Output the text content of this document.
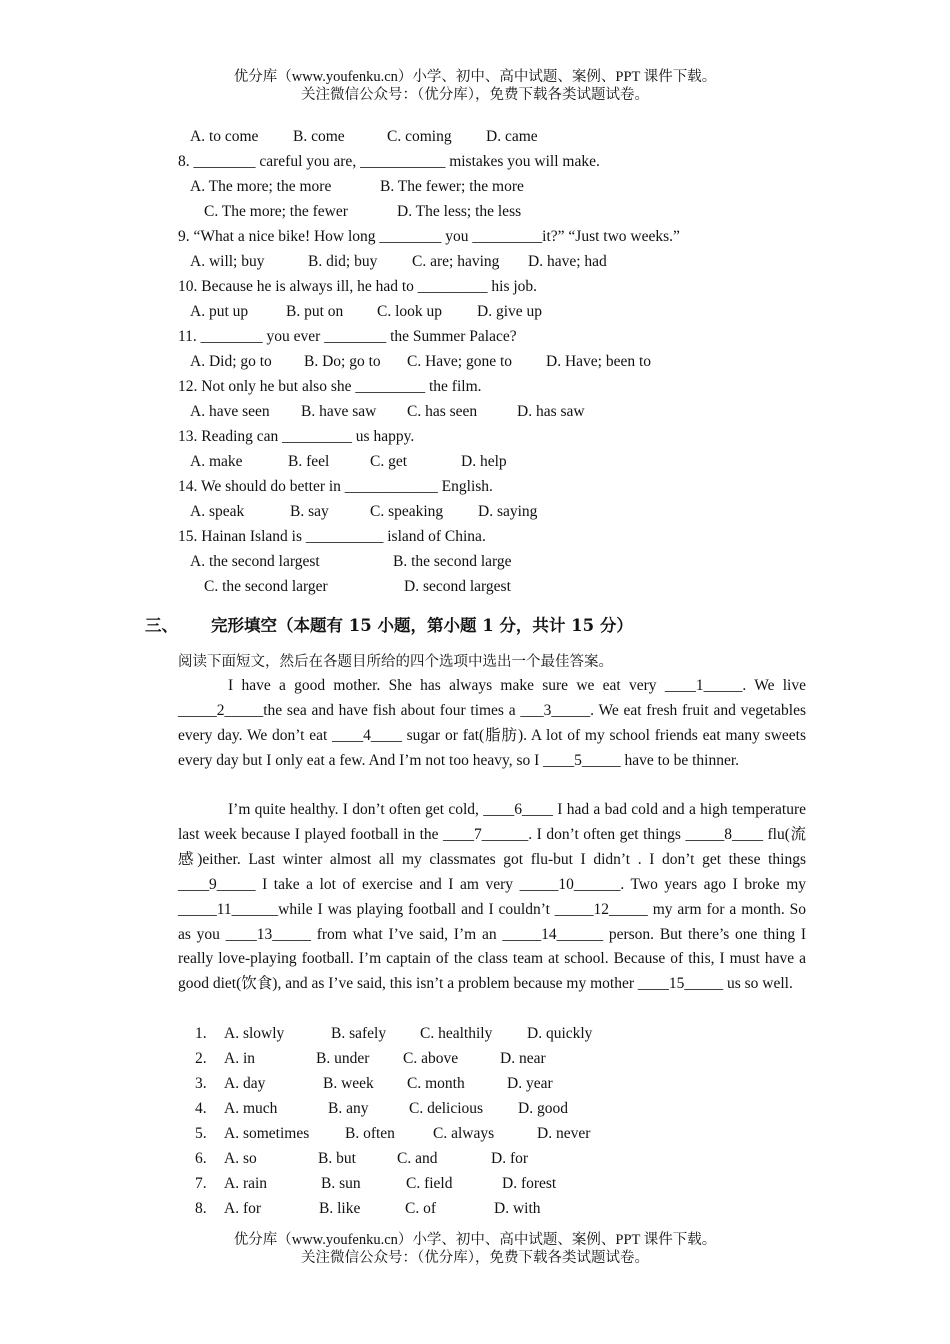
优分库（www.youfenku.cn）小学、初中、高中试题、案例、PPT 课件下载。
关注微信公众号：（优分库），免费下载各类试题试卷。
A. to come B. come	C. coming D. came
8. ________ careful you are, ___________ mistakes you will make.
A. The more; the more	B. The fewer; the more
C. The more; the fewer	D. The less; the less
9. “What a nice bike! How long ________ you _________it?” “Just two weeks.”
A. will; buy	B. did; buy C. are; having D. have; had
10. Because he is always ill, he had to _________ his job.
A. put up B. put on C. look up D. give up
11. ________ you ever ________ the Summer Palace?
A. Did; go to B. Do; go to C. Have; gone to D. Have; been to
12. Not only he but also she _________ the film.
A. have seen B. have saw C. has seen	D. has saw
13. Reading can _________ us happy.
A. make	B. feel	C. get	D. help
14. We should do better in ____________ English.
A. speak	B. say	C. speaking D. saying
15. Hainan Island is __________ island of China.
A. the second largest	B. the second large
C. the second larger	D. second largest
三、 完形填空（本题有 15 小题，第小题 1 分，共计 15 分）
阅读下面短文，然后在各题目所给的四个选项中选出一个最佳答案。
I have a good mother. She has always make sure we eat very ____1_____. We live _____2_____the sea and have fish about four times a ___3_____. We eat fresh fruit and vegetables every day. We don’t eat ____4____ sugar or fat(脂肪). A lot of my school friends eat many sweets every day but I only eat a few. And I’m not too heavy, so I ____5_____ have to be thinner.
I’m quite healthy. I don’t often get cold, ____6____ I had a bad cold and a high temperature last week because I played football in the ____7______. I don’t often get things _____8____ flu(流感)either. Last winter almost all my classmates got flu-but I didn’t . I don’t get these things ____9_____ I take a lot of exercise and I am very _____10______. Two years ago I broke my _____11______while I was playing football and I couldn’t _____12_____ my arm for a month. So as you ____13_____ from what I’ve said, I’m an _____14______ person. But there’s one thing I really love-playing football. I’m captain of the class team at school. Because of this, I must have a good diet(饮食), and as I’ve said, this isn’t a problem because my mother ____15_____ us so well.
1. A. slowly	B. safely C. healthily D. quickly
2. A. in	B. under C. above	D. near
3. A. day	B. week C. month	D. year
4. A. much	B. any	C. delicious D. good
5. A. sometimes B. often C. always	D. never
6. A. so	B. but	C. and	D. for
7. A. rain	B. sun	C. field	D. forest
8. A. for	B. like	C. of	D. with
优分库（www.youfenku.cn）小学、初中、高中试题、案例、PPT 课件下载。
关注微信公众号：（优分库），免费下载各类试题试卷。
